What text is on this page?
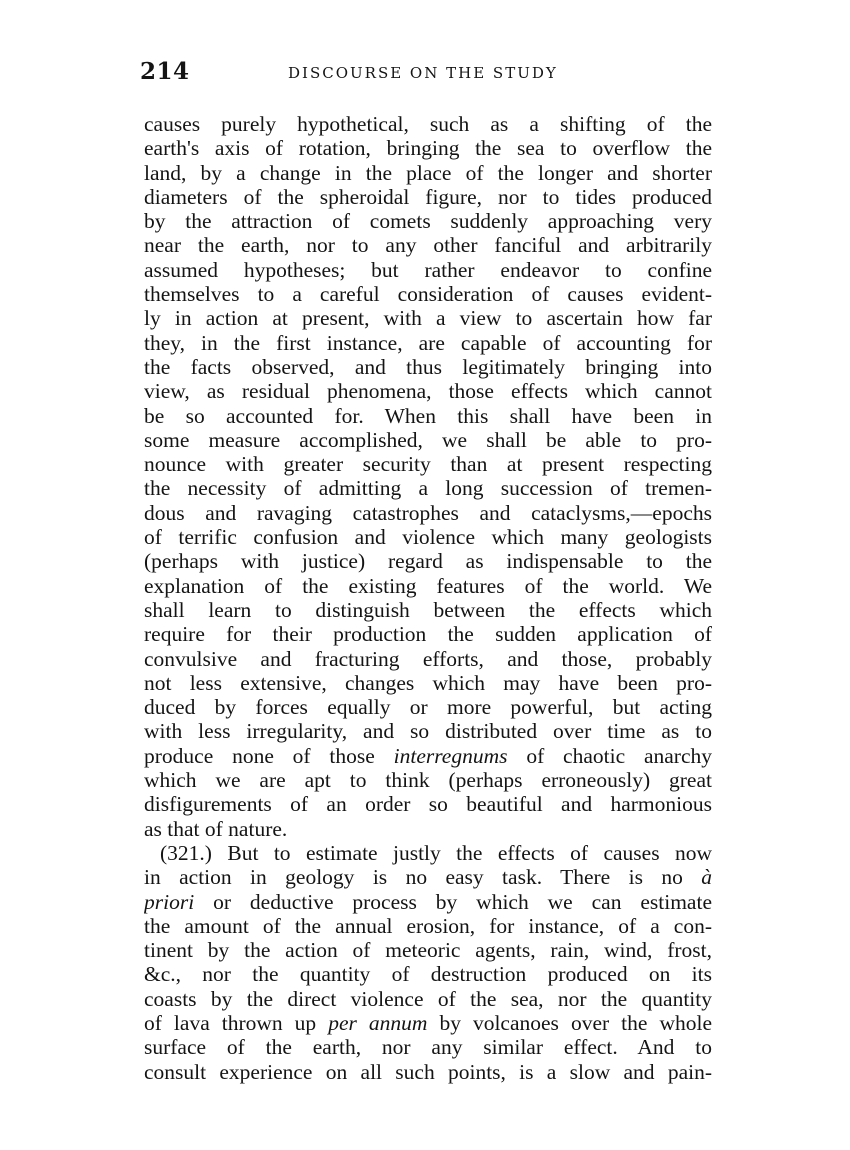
214	DISCOURSE ON THE STUDY

causes purely hypothetical, such as a shifting of the
earth's axis of rotation, bringing the sea to overflow the
land, by a change in the place of the longer and shorter
diameters of the spheroidal figure, nor to tides produced
by the attraction of comets suddenly approaching very
near the earth, nor to any other fanciful and arbitrarily
assumed hypotheses; but rather endeavor to confine
themselves to a careful consideration of causes evident-
ly in action at present, with a view to ascertain how far
they, in the first instance, are capable of accounting for
the facts observed, and thus legitimately bringing into
view, as residual phenomena, those effects which cannot
be so accounted for. When this shall have been in
some measure accomplished, we shall be able to pro-
nounce with greater security than at present respecting
the necessity of admitting a long succession of tremen-
dous and ravaging catastrophes and cataclysms,—epochs
of terrific confusion and violence which many geologists
(perhaps with justice) regard as indispensable to the
explanation of the existing features of the world. We
shall learn to distinguish between the effects which
require for their production the sudden application of
convulsive and fracturing efforts, and those, probably
not less extensive, changes which may have been pro-
duced by forces equally or more powerful, but acting
with less irregularity, and so distributed over time as to
produce none of those interregnums of chaotic anarchy
which we are apt to think (perhaps erroneously) great
disfigurements of an order so beautiful and harmonious
as that of nature.

(321.) But to estimate justly the effects of causes now
in action in geology is no easy task. There is no à
priori or deductive process by which we can estimate
the amount of the annual erosion, for instance, of a con-
tinent by the action of meteoric agents, rain, wind, frost,
&c., nor the quantity of destruction produced on its
coasts by the direct violence of the sea, nor the quantity
of lava thrown up per annum by volcanoes over the whole
surface of the earth, nor any similar effect. And to
consult experience on all such points, is a slow and pain-
